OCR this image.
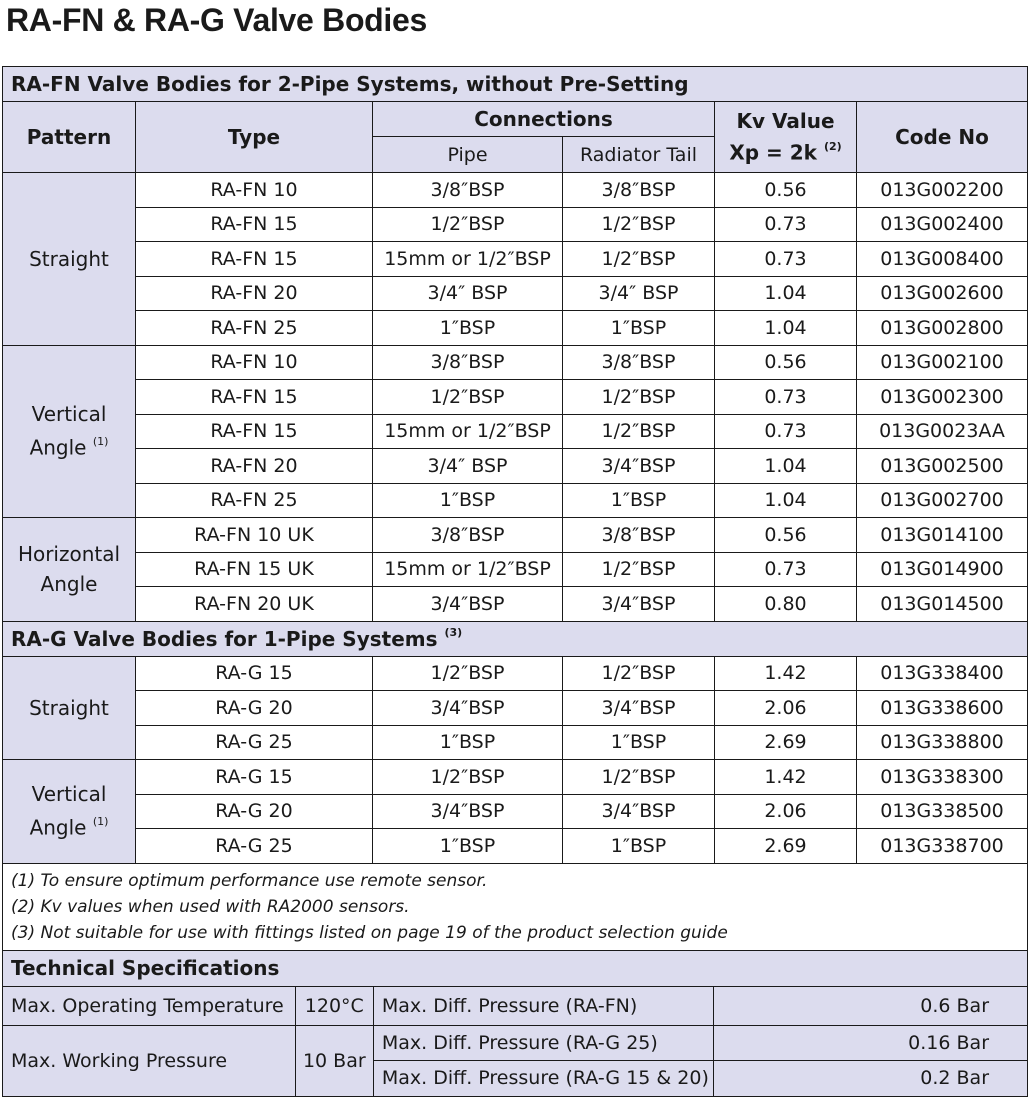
RA-FN & RA-G Valve Bodies
RA-FN Valve Bodies for 2-Pipe Systems, without Pre-Setting
Pattern	Type	Connections	Kv Value
Xp = 2k $^{(2)}$	Code No
Pipe	Radiator Tail
Straight	RA-FN 10	3/8″BSP	3/8″BSP	0.56	013G002200
RA-FN 15	1/2″BSP	1/2″BSP	0.73	013G002400
RA-FN 15	15mm or 1/2″BSP	1/2″BSP	0.73	013G008400
RA-FN 20	3/4″ BSP	3/4″ BSP	1.04	013G002600
RA-FN 25	1″BSP	1″BSP	1.04	013G002800
Vertical Angle $^{(1)}$	RA-FN 10	3/8″BSP	3/8″BSP	0.56	013G002100
RA-FN 15	1/2″BSP	1/2″BSP	0.73	013G002300
RA-FN 15	15mm or 1/2″BSP	1/2″BSP	0.73	013G0023AA
RA-FN 20	3/4″ BSP	3/4″BSP	1.04	013G002500
RA-FN 25	1″BSP	1″BSP	1.04	013G002700
Horizontal Angle	RA-FN 10 UK	3/8″BSP	3/8″BSP	0.56	013G014100
RA-FN 15 UK	15mm or 1/2″BSP	1/2″BSP	0.73	013G014900
RA-FN 20 UK	3/4″BSP	3/4″BSP	0.80	013G014500
RA-G Valve Bodies for 1-Pipe Systems $^{(3)}$
Straight	RA-G 15	1/2″BSP	1/2″BSP	1.42	013G338400
RA-G 20	3/4″BSP	3/4″BSP	2.06	013G338600
RA-G 25	1″BSP	1″BSP	2.69	013G338800
Vertical Angle $^{(1)}$	RA-G 15	1/2″BSP	1/2″BSP	1.42	013G338300
RA-G 20	3/4″BSP	3/4″BSP	2.06	013G338500
RA-G 25	1″BSP	1″BSP	2.69	013G338700

(1) To ensure optimum performance use remote sensor.
(2) Kv values when used with RA2000 sensors.
(3) Not suitable for use with fittings listed on page 19 of the product selection guide

Technical Specifications

Max. Operating Temperature	120°C	Max. Diff. Pressure (RA-FN)	0.6 Bar
Max. Working Pressure	10 Bar	Max. Diff. Pressure (RA-G 25)	0.16 Bar
Max. Diff. Pressure (RA-G 15 & 20)	0.2 Bar
